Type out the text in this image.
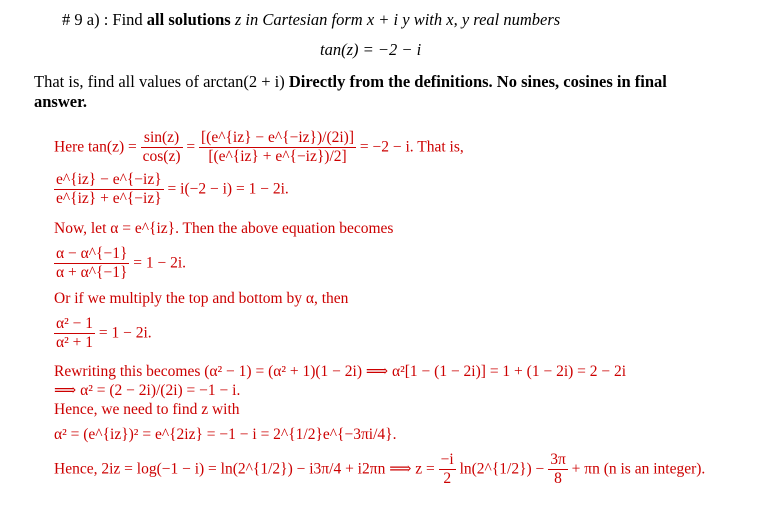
# 9 a) : Find all solutions z in Cartesian form x + i y with x, y real numbers
tan(z) = −2 − i
That is, find all values of arctan(2 + i) Directly from the definitions. No sines, cosines in final
answer.
Here $\tan(z) = \frac{\sin(z)}{\cos(z)} = \frac{[(e\^{}\{iz\} - e\^{}\{-iz\})/(2i)]}{[(e\^{}\{iz\} + e\^{}\{-iz\})/2]} = -2 - i$. That is,
$\frac{e\^{}\{iz\} - e\^{}\{-iz\}}{e\^{}\{iz\} + e\^{}\{-iz\}} = i(-2 - i) = 1 - 2i$.
Now, let α = e^{iz}. Then the above equation becomes
$\frac{\alpha - \alpha\^{}\{-1\}}{\alpha + \alpha\^{}\{-1\}} = 1 - 2i$.
Or if we multiply the top and bottom by α, then
$\frac{\text{α² − 1}}{\text{α² + 1}} = 1 - 2i$.
Rewriting this becomes (α² − 1) = (α² + 1)(1 − 2i) ⟹ α²[1 − (1 − 2i)] = 1 + (1 − 2i) = 2 − 2i
⟹ α² = (2 − 2i)/(2i) = −1 − i.
Hence, we need to find z with
α² = (e^{iz})² = e^{2iz} = −1 − i = 2^{1/2}e^{−3πi/4}.
Hence, 2iz = log(−1 − i) = ln(2^{1/2}) − i3π/4 + i2πn ⟹ $z = \frac{-i}{2}$ ln(2^{1/2}) − $\frac{3\pi}{8} + \pi n$ (n is an integer).
